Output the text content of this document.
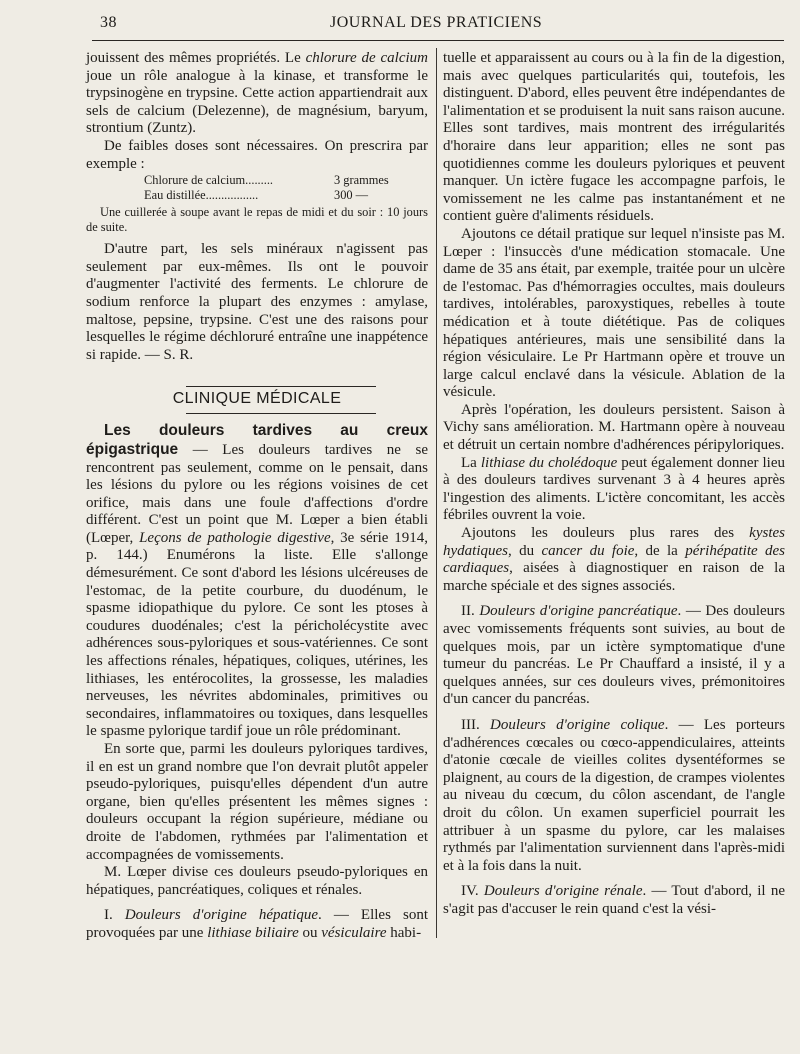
38	JOURNAL DES PRATICIENS

jouissent des mêmes propriétés. Le chlorure de calcium joue un rôle analogue à la kinase, et transforme le trypsinogène en trypsine. Cette action appartiendrait aux sels de calcium (Delezenne), de magnésium, baryum, strontium (Zuntz).

De faibles doses sont nécessaires. On prescrira par exemple :

Chlorure de calcium.........	3 grammes
Eau distillée.................	300 —

Une cuillerée à soupe avant le repas de midi et du soir : 10 jours de suite.

D'autre part, les sels minéraux n'agissent pas seulement par eux-mêmes. Ils ont le pouvoir d'augmenter l'activité des ferments. Le chlorure de sodium renforce la plupart des enzymes : amylase, maltose, pepsine, trypsine. C'est une des raisons pour lesquelles le régime déchloruré entraîne une inappétence si rapide. — S. R.

CLINIQUE MÉDICALE

Les douleurs tardives au creux épigastrique — Les douleurs tardives ne se rencontrent pas seulement, comme on le pensait, dans les lésions du pylore ou les régions voisines de cet orifice, mais dans une foule d'affections d'ordre différent. C'est un point que M. Lœper a bien établi (Lœper, Leçons de pathologie digestive, 3e série 1914, p. 144.) Enumérons la liste. Elle s'allonge démesurément. Ce sont d'abord les lésions ulcéreuses de l'estomac, de la petite courbure, du duodénum, le spasme idiopathique du pylore. Ce sont les ptoses à coudures duodénales; c'est la péricholécystite avec adhérences sous-pyloriques et sous-vatériennes. Ce sont les affections rénales, hépatiques, coliques, utérines, les lithiases, les entérocolites, la grossesse, les maladies nerveuses, les névrites abdominales, primitives ou secondaires, inflammatoires ou toxiques, dans lesquelles le spasme pylorique tardif joue un rôle prédominant.

En sorte que, parmi les douleurs pyloriques tardives, il en est un grand nombre que l'on devrait plutôt appeler pseudo-pyloriques, puisqu'elles dépendent d'un autre organe, bien qu'elles présentent les mêmes signes : douleurs occupant la région supérieure, médiane ou droite de l'abdomen, rythmées par l'alimentation et accompagnées de vomissements.

M. Lœper divise ces douleurs pseudo-pyloriques en hépatiques, pancréatiques, coliques et rénales.

I. Douleurs d'origine hépatique. — Elles sont provoquées par une lithiase biliaire ou vésiculaire habi-

tuelle et apparaissent au cours ou à la fin de la digestion, mais avec quelques particularités qui, toutefois, les distinguent. D'abord, elles peuvent être indépendantes de l'alimentation et se produisent la nuit sans raison aucune. Elles sont tardives, mais montrent des irrégularités d'horaire dans leur apparition; elles ne sont pas quotidiennes comme les douleurs pyloriques et peuvent manquer. Un ictère fugace les accompagne parfois, le vomissement ne les calme pas instantanément et ne contient guère d'aliments résiduels.

Ajoutons ce détail pratique sur lequel n'insiste pas M. Lœper : l'insuccès d'une médication stomacale. Une dame de 35 ans était, par exemple, traitée pour un ulcère de l'estomac. Pas d'hémorragies occultes, mais douleurs tardives, intolérables, paroxystiques, rebelles à toute médication et à toute diététique. Pas de coliques hépatiques antérieures, mais une sensibilité dans la région vésiculaire. Le Pr Hartmann opère et trouve un large calcul enclavé dans la vésicule. Ablation de la vésicule.

Après l'opération, les douleurs persistent. Saison à Vichy sans amélioration. M. Hartmann opère à nouveau et détruit un certain nombre d'adhérences péripyloriques.

La lithiase du cholédoque peut également donner lieu à des douleurs tardives survenant 3 à 4 heures après l'ingestion des aliments. L'ictère concomitant, les accès fébriles ouvrent la voie.

Ajoutons les douleurs plus rares des kystes hydatiques, du cancer du foie, de la périhépatite des cardiaques, aisées à diagnostiquer en raison de la marche spéciale et des signes associés.

II. Douleurs d'origine pancréatique. — Des douleurs avec vomissements fréquents sont suivies, au bout de quelques mois, par un ictère symptomatique d'une tumeur du pancréas. Le Pr Chauffard a insisté, il y a quelques années, sur ces douleurs vives, prémonitoires d'un cancer du pancréas.

III. Douleurs d'origine colique. — Les porteurs d'adhérences cœcales ou cœco-appendiculaires, atteints d'atonie cœcale de vieilles colites dysentéformes se plaignent, au cours de la digestion, de crampes violentes au niveau du cœcum, du côlon ascendant, de l'angle droit du côlon. Un examen superficiel pourrait les attribuer à un spasme du pylore, car les malaises rythmés par l'alimentation surviennent dans l'après-midi et à la fois dans la nuit.

IV. Douleurs d'origine rénale. — Tout d'abord, il ne s'agit pas d'accuser le rein quand c'est la vési-
